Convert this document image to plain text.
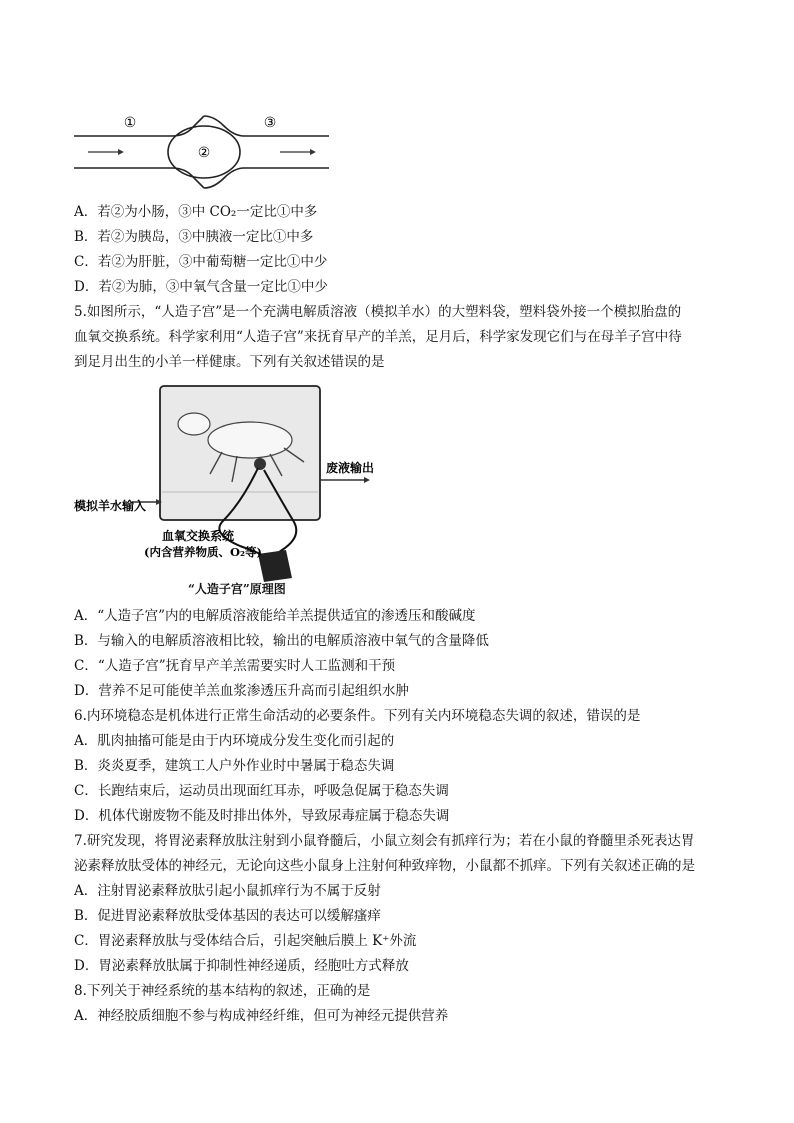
①
②
③
A．若②为小肠，③中 CO₂一定比①中多
B．若②为胰岛，③中胰液一定比①中多
C．若②为肝脏，③中葡萄糖一定比①中少
D．若②为肺，③中氧气含量一定比①中少
5.如图所示，“人造子宫”是一个充满电解质溶液（模拟羊水）的大塑料袋，塑料袋外接一个模拟胎盘的
血氧交换系统。科学家利用“人造子宫”来抚育早产的羊羔，足月后，科学家发现它们与在母羊子宫中待
到足月出生的小羊一样健康。下列有关叙述错误的是
废液输出
模拟羊水输入
血氧交换系统
(内含营养物质、O₂等)
“人造子宫”原理图
A．“人造子宫”内的电解质溶液能给羊羔提供适宜的渗透压和酸碱度
B．与输入的电解质溶液相比较，输出的电解质溶液中氧气的含量降低
C．“人造子宫”抚育早产羊羔需要实时人工监测和干预
D．营养不足可能使羊羔血浆渗透压升高而引起组织水肿
6.内环境稳态是机体进行正常生命活动的必要条件。下列有关内环境稳态失调的叙述，错误的是
A．肌肉抽搐可能是由于内环境成分发生变化而引起的
B．炎炎夏季，建筑工人户外作业时中暑属于稳态失调
C．长跑结束后，运动员出现面红耳赤，呼吸急促属于稳态失调
D．机体代谢废物不能及时排出体外，导致尿毒症属于稳态失调
7.研究发现，将胃泌素释放肽注射到小鼠脊髓后，小鼠立刻会有抓痒行为；若在小鼠的脊髓里杀死表达胃
泌素释放肽受体的神经元，无论向这些小鼠身上注射何种致痒物，小鼠都不抓痒。下列有关叙述正确的是
A．注射胃泌素释放肽引起小鼠抓痒行为不属于反射
B．促进胃泌素释放肽受体基因的表达可以缓解瘙痒
C．胃泌素释放肽与受体结合后，引起突触后膜上 K⁺外流
D．胃泌素释放肽属于抑制性神经递质，经胞吐方式释放
8.下列关于神经系统的基本结构的叙述，正确的是
A．神经胶质细胞不参与构成神经纤维，但可为神经元提供营养
